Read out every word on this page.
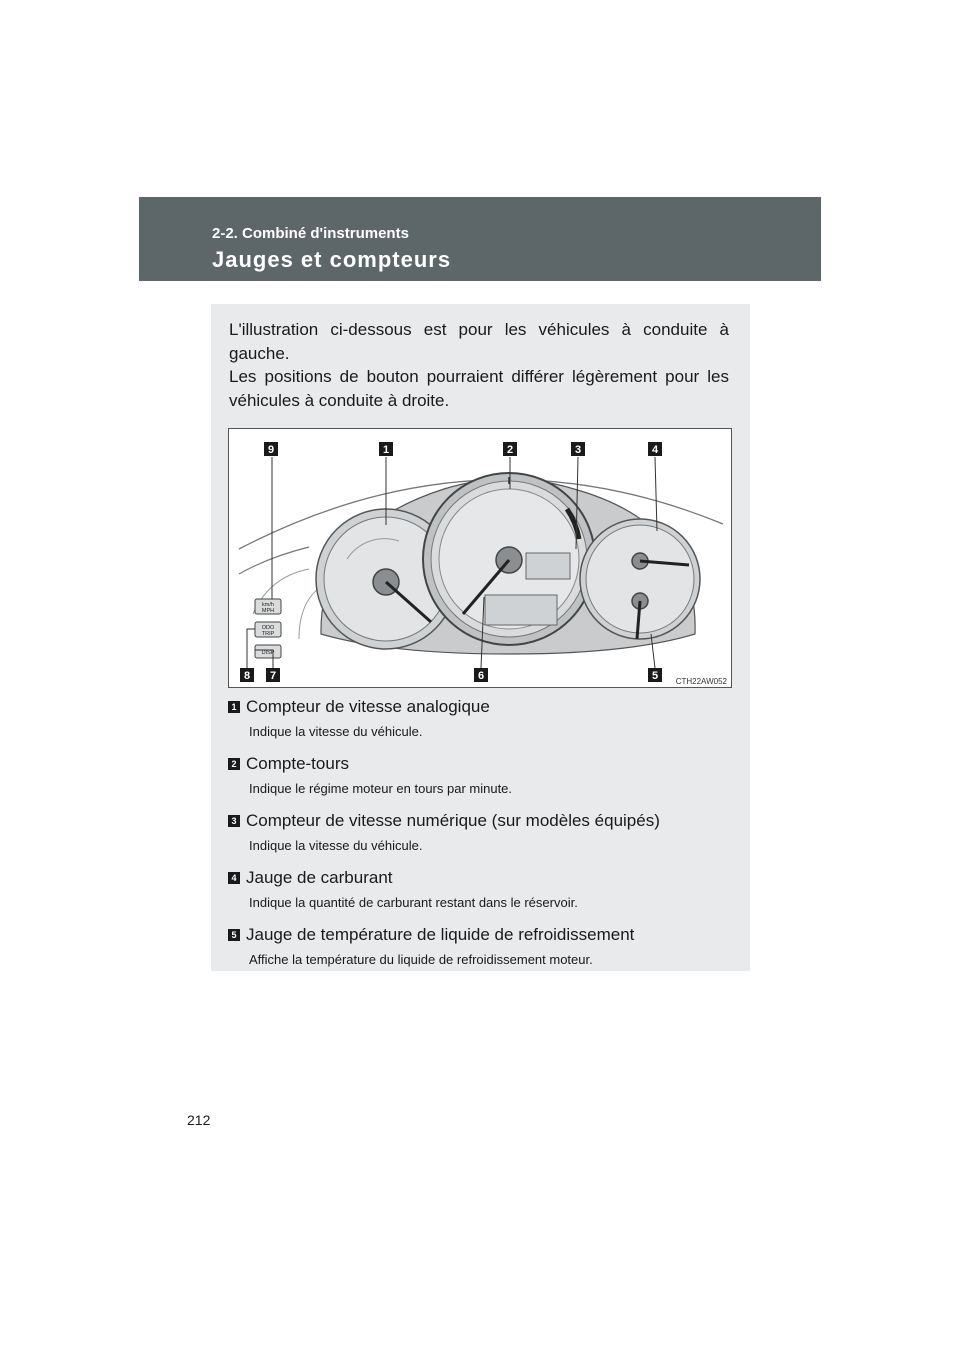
2-2. Combiné d'instruments
Jauges et compteurs

L'illustration ci-dessous est pour les véhicules à conduite à gauche.

Les positions de bouton pourraient différer légèrement pour les véhicules à conduite à droite.

km/h
MPH
ODO
TRIP
DISP
9	1	2	3	4
8 7	6	5 CTH22AW052
1 Compteur de vitesse analogique
Indique la vitesse du véhicule.
2 Compte-tours
Indique le régime moteur en tours par minute.
3 Compteur de vitesse numérique (sur modèles équipés)
Indique la vitesse du véhicule.
4 Jauge de carburant
Indique la quantité de carburant restant dans le réservoir.
5 Jauge de température de liquide de refroidissement
Affiche la température du liquide de refroidissement moteur.
212
